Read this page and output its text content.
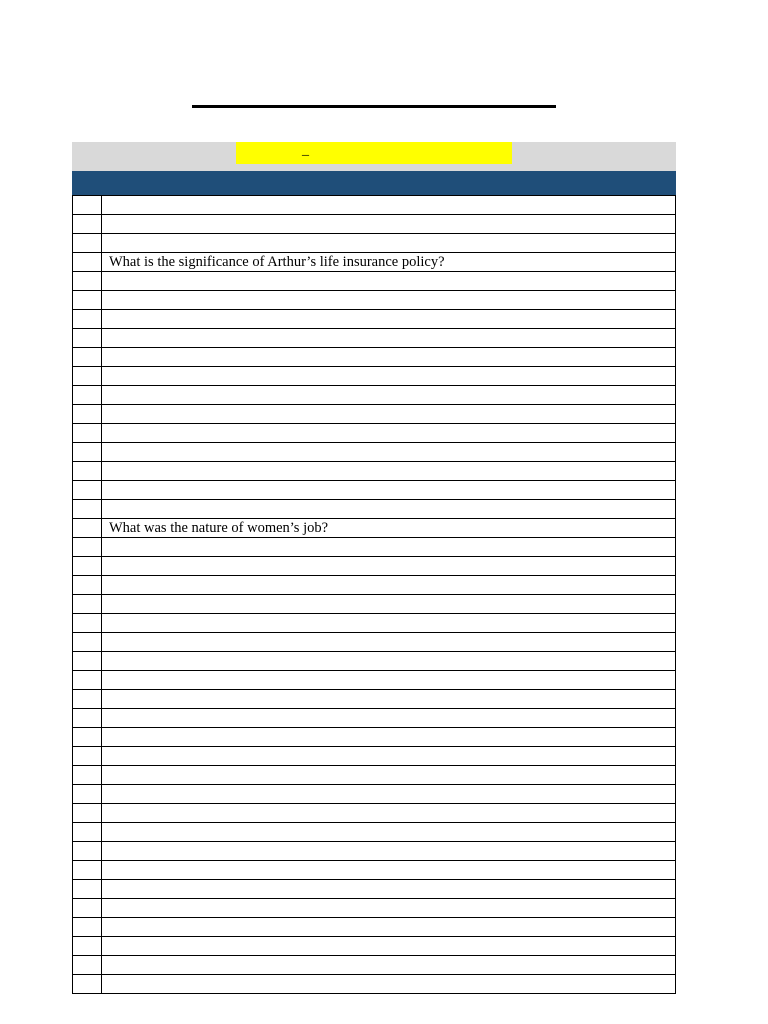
_
What is the significance of Arthur’s life insurance policy?
What was the nature of women’s job?
